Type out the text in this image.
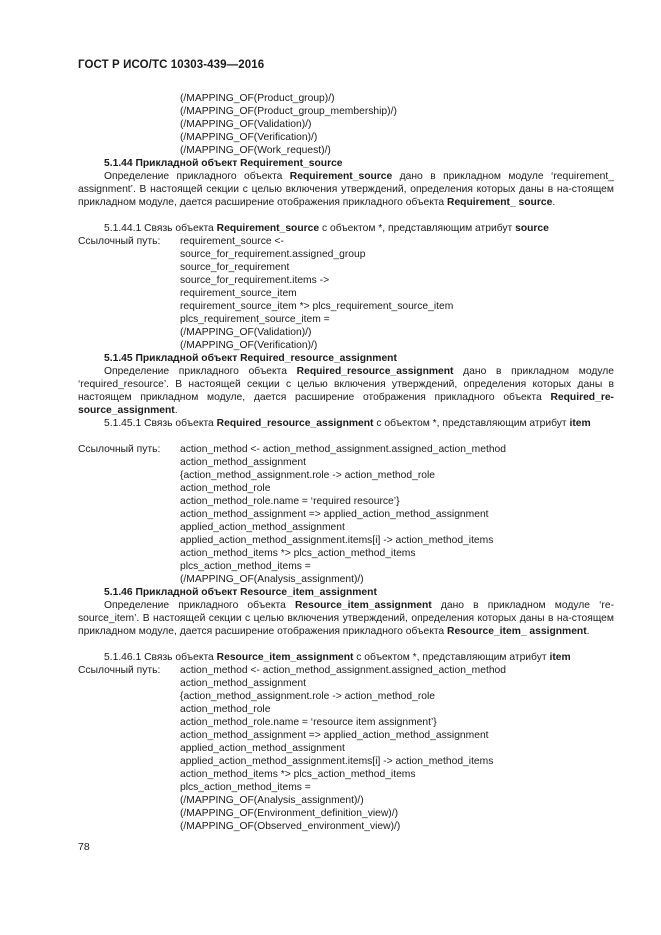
ГОСТ Р ИСО/ТС 10303-439—2016
(/MAPPING_OF(Product_group)/)
(/MAPPING_OF(Product_group_membership)/)
(/MAPPING_OF(Validation)/)
(/MAPPING_OF(Verification)/)
(/MAPPING_OF(Work_request)/)
5.1.44 Прикладной объект Requirement_source
Определение прикладного объекта Requirement_source дано в прикладном модуле ‘requirement_ assignment’. В настоящей секции с целью включения утверждений, определения которых даны в на-стоящем прикладном модуле, дается расширение отображения прикладного объекта Requirement_ source.
5.1.44.1 Связь объекта Requirement_source с объектом *, представляющим атрибут source
Ссылочный путь: requirement_source <-
source_for_requirement.assigned_group
source_for_requirement
source_for_requirement.items ->
requirement_source_item
requirement_source_item *> plcs_requirement_source_item
plcs_requirement_source_item =
(/MAPPING_OF(Validation)/)
(/MAPPING_OF(Verification)/)
5.1.45 Прикладной объект Required_resource_assignment
Определение прикладного объекта Required_resource_assignment дано в прикладном модуле ‘required_resource’. В настоящей секции с целью включения утверждений, определения которых даны в настоящем прикладном модуле, дается расширение отображения прикладного объекта Required_re-source_assignment.
5.1.45.1 Связь объекта Required_resource_assignment с объектом *, представляющим атрибут item
Ссылочный путь: action_method <- action_method_assignment.assigned_action_method
action_method_assignment
{action_method_assignment.role -> action_method_role
action_method_role
action_method_role.name = ‘required resource’}
action_method_assignment => applied_action_method_assignment
applied_action_method_assignment
applied_action_method_assignment.items[i] -> action_method_items
action_method_items *> plcs_action_method_items
plcs_action_method_items =
(/MAPPING_OF(Analysis_assignment)/)
5.1.46 Прикладной объект Resource_item_assignment
Определение прикладного объекта Resource_item_assignment дано в прикладном модуле ‘re-source_item’. В настоящей секции с целью включения утверждений, определения которых даны в на-стоящем прикладном модуле, дается расширение отображения прикладного объекта Resource_item_ assignment.
5.1.46.1 Связь объекта Resource_item_assignment с объектом *, представляющим атрибут item
Ссылочный путь: action_method <- action_method_assignment.assigned_action_method
action_method_assignment
{action_method_assignment.role -> action_method_role
action_method_role
action_method_role.name = ‘resource item assignment’}
action_method_assignment => applied_action_method_assignment
applied_action_method_assignment
applied_action_method_assignment.items[i] -> action_method_items
action_method_items *> plcs_action_method_items
plcs_action_method_items =
(/MAPPING_OF(Analysis_assignment)/)
(/MAPPING_OF(Environment_definition_view)/)
(/MAPPING_OF(Observed_environment_view)/)
78
